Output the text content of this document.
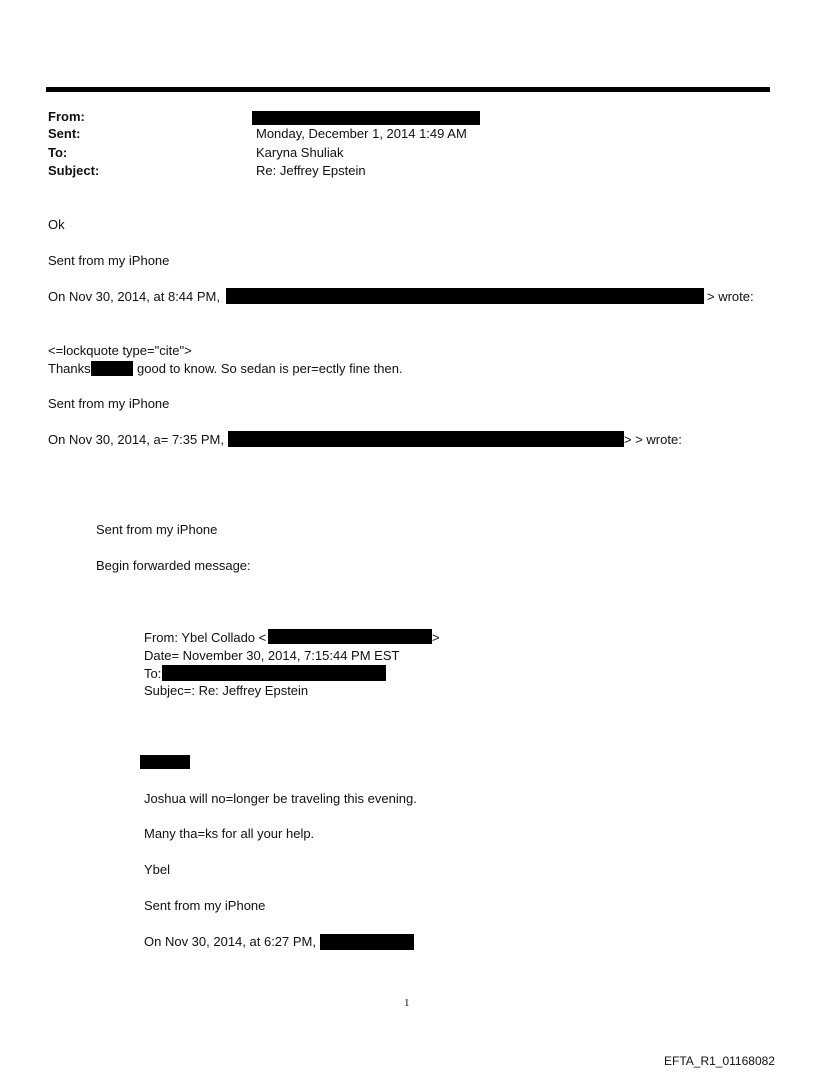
From:
Sent:	Monday, December 1, 2014 1:49 AM
To:	Karyna Shuliak
Subject:	Re: Jeffrey Epstein
Ok
Sent from my iPhone
On Nov 30, 2014, at 8:44 PM,	> wrote:
<=lockquote type="cite">
Thanks	good to know. So sedan is per=ectly fine then.
Sent from my iPhone
On Nov 30, 2014, a= 7:35 PM,	> > wrote:
Sent from my iPhone
Begin forwarded message:
From: Ybel Collado <	>
Date= November 30, 2014, 7:15:44 PM EST
To:
Subjec=: Re: Jeffrey Epstein
Joshua will no=longer be traveling this evening.
Many tha=ks for all your help.
Ybel
Sent from my iPhone
On Nov 30, 2014, at 6:27 PM,
1
EFTA_R1_01168082
